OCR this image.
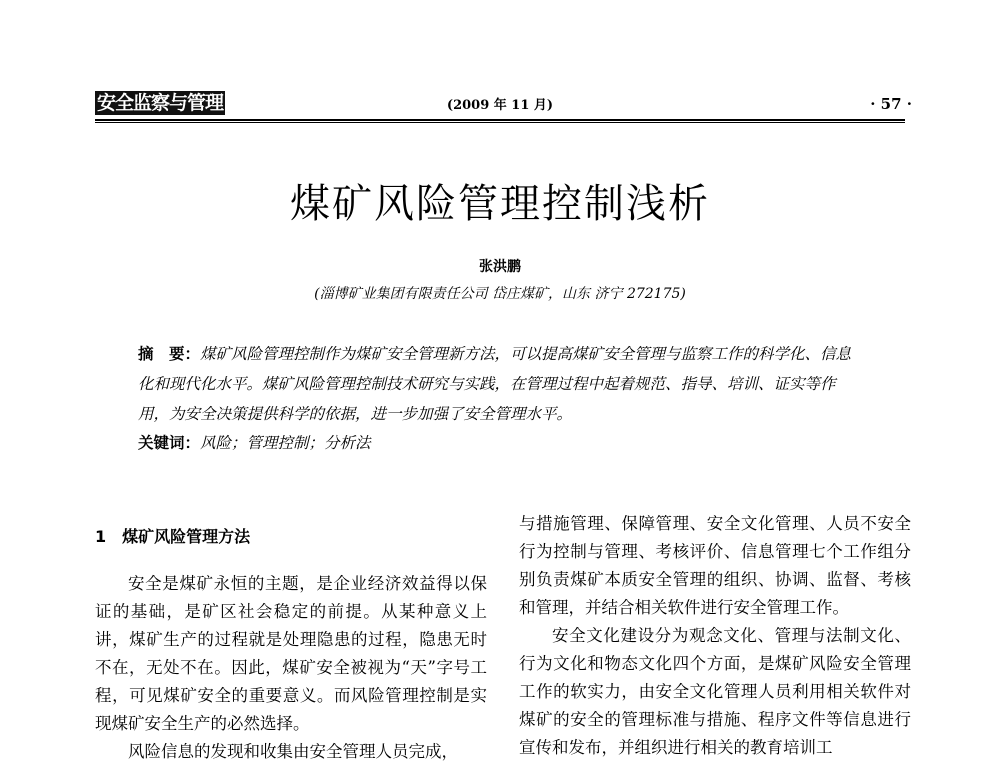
安全监察与管理	(2009 年 11 月)	· 57 ·
煤矿风险管理控制浅析
张洪鹏
(淄博矿业集团有限责任公司 岱庄煤矿，山东 济宁 272175)
摘　要：煤矿风险管理控制作为煤矿安全管理新方法，可以提高煤矿安全管理与监察工作的科学化、信息化和现代化水平。煤矿风险管理控制技术研究与实践，在管理过程中起着规范、指导、培训、证实等作用，为安全决策提供科学的依据，进一步加强了安全管理水平。
关键词：风险；管理控制；分析法
1　煤矿风险管理方法

安全是煤矿永恒的主题，是企业经济效益得以保证的基础，是矿区社会稳定的前提。从某种意义上讲，煤矿生产的过程就是处理隐患的过程，隐患无时不在，无处不在。因此，煤矿安全被视为“天”字号工程，可见煤矿安全的重要意义。而风险管理控制是实现煤矿安全生产的必然选择。

风险信息的发现和收集由安全管理人员完成，

与措施管理、保障管理、安全文化管理、人员不安全行为控制与管理、考核评价、信息管理七个工作组分别负责煤矿本质安全管理的组织、协调、监督、考核和管理，并结合相关软件进行安全管理工作。

安全文化建设分为观念文化、管理与法制文化、行为文化和物态文化四个方面，是煤矿风险安全管理工作的软实力，由安全文化管理人员利用相关软件对煤矿的安全的管理标准与措施、程序文件等信息进行宣传和发布，并组织进行相关的教育培训工
